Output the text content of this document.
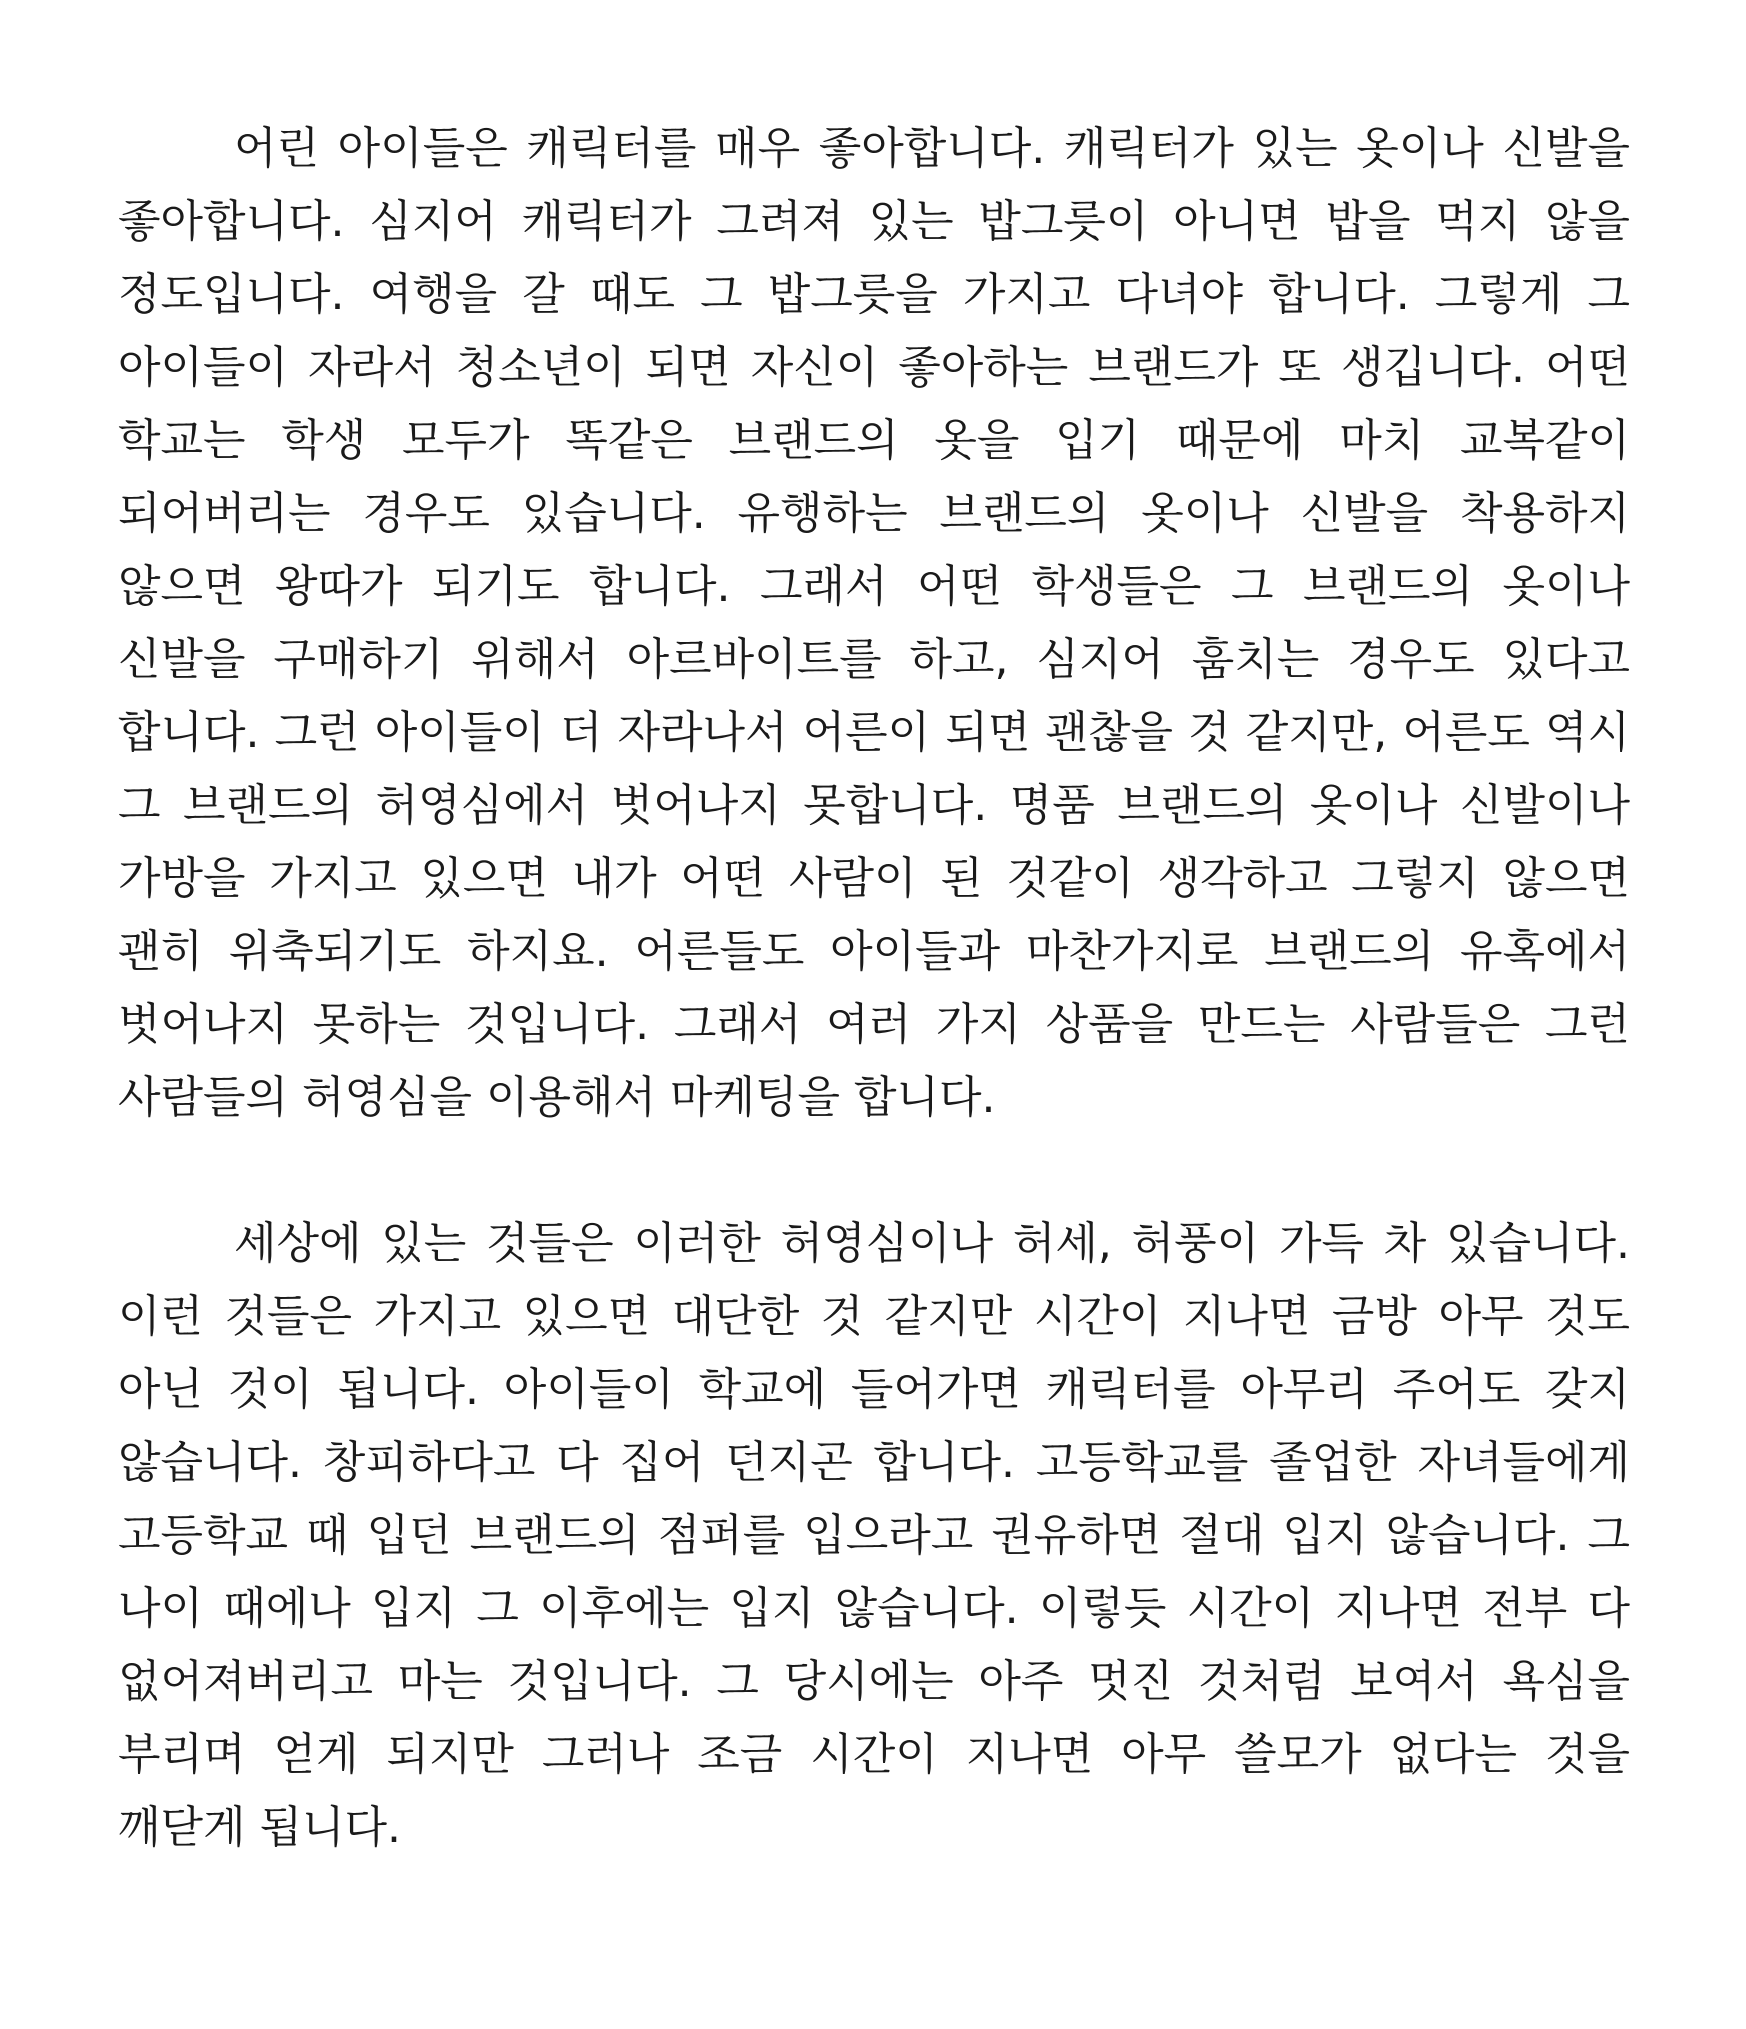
어린 아이들은 캐릭터를 매우 좋아합니다. 캐릭터가 있는 옷이나 신발을 좋아합니다. 심지어 캐릭터가 그려져 있는 밥그릇이 아니면 밥을 먹지 않을 정도입니다. 여행을 갈 때도 그 밥그릇을 가지고 다녀야 합니다. 그렇게 그 아이들이 자라서 청소년이 되면 자신이 좋아하는 브랜드가 또 생깁니다. 어떤 학교는 학생 모두가 똑같은 브랜드의 옷을 입기 때문에 마치 교복같이 되어버리는 경우도 있습니다. 유행하는 브랜드의 옷이나 신발을 착용하지 않으면 왕따가 되기도 합니다. 그래서 어떤 학생들은 그 브랜드의 옷이나 신발을 구매하기 위해서 아르바이트를 하고, 심지어 훔치는 경우도 있다고 합니다. 그런 아이들이 더 자라나서 어른이 되면 괜찮을 것 같지만, 어른도 역시 그 브랜드의 허영심에서 벗어나지 못합니다. 명품 브랜드의 옷이나 신발이나 가방을 가지고 있으면 내가 어떤 사람이 된 것같이 생각하고 그렇지 않으면 괜히 위축되기도 하지요. 어른들도 아이들과 마찬가지로 브랜드의 유혹에서 벗어나지 못하는 것입니다. 그래서 여러 가지 상품을 만드는 사람들은 그런 사람들의 허영심을 이용해서 마케팅을 합니다.

세상에 있는 것들은 이러한 허영심이나 허세, 허풍이 가득 차 있습니다. 이런 것들은 가지고 있으면 대단한 것 같지만 시간이 지나면 금방 아무 것도 아닌 것이 됩니다. 아이들이 학교에 들어가면 캐릭터를 아무리 주어도 갖지 않습니다. 창피하다고 다 집어 던지곤 합니다. 고등학교를 졸업한 자녀들에게 고등학교 때 입던 브랜드의 점퍼를 입으라고 권유하면 절대 입지 않습니다. 그 나이 때에나 입지 그 이후에는 입지 않습니다. 이렇듯 시간이 지나면 전부 다 없어져버리고 마는 것입니다. 그 당시에는 아주 멋진 것처럼 보여서 욕심을 부리며 얻게 되지만 그러나 조금 시간이 지나면 아무 쓸모가 없다는 것을 깨닫게 됩니다.
